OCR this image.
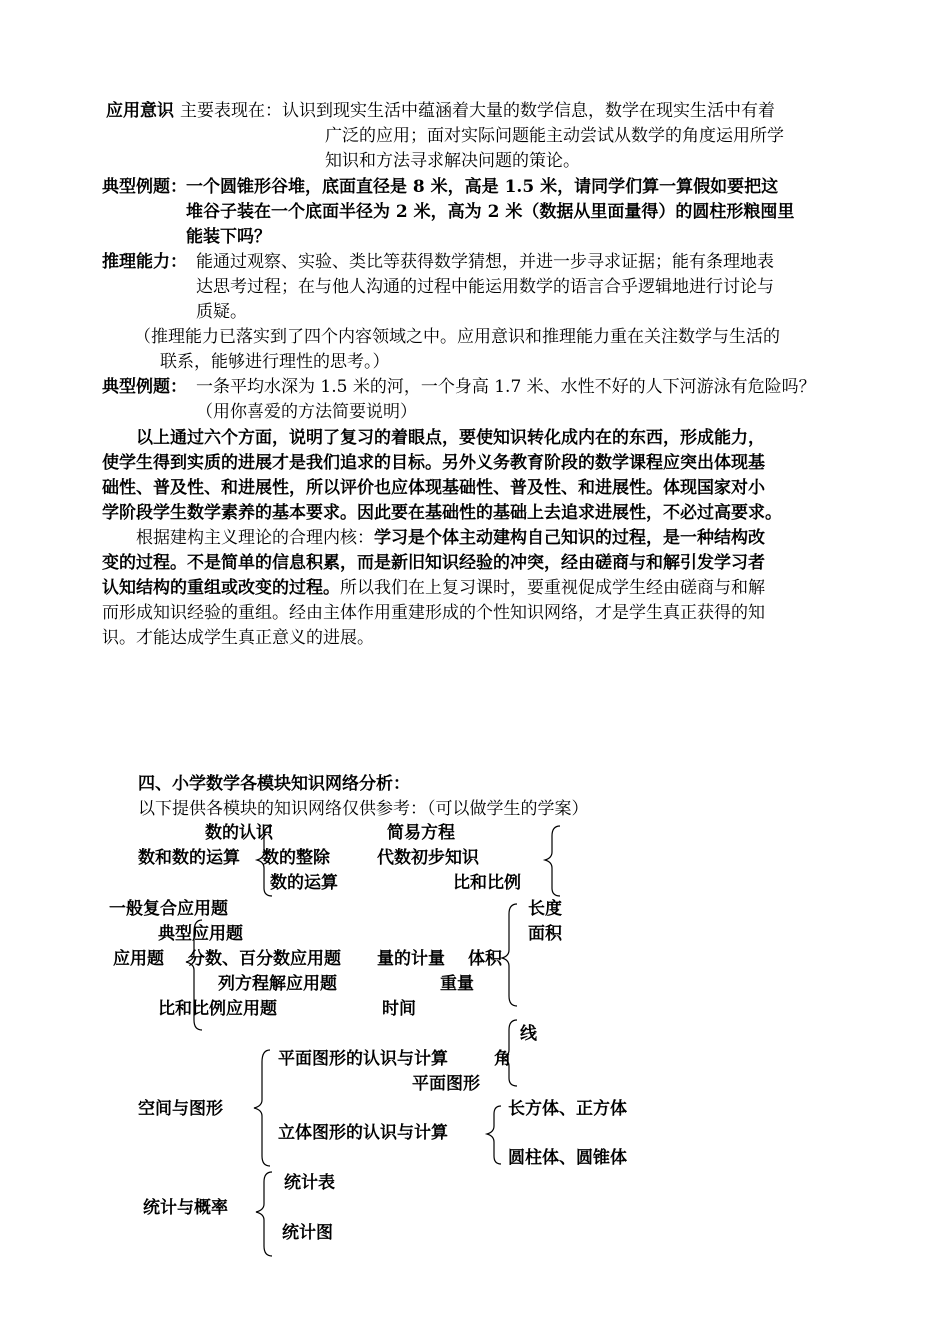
应用意识 主要表现在：认识到现实生活中蕴涵着大量的数学信息，数学在现实生活中有着
广泛的应用；面对实际问题能主动尝试从数学的角度运用所学
知识和方法寻求解决问题的策论。
典型例题： 一个圆锥形谷堆，底面直径是 8 米，高是 1.5 米，请同学们算一算假如要把这
堆谷子装在一个底面半径为 2 米，高为 2 米（数据从里面量得）的圆柱形粮囤里
能装下吗？
推理能力： 能通过观察、实验、类比等获得数学猜想，并进一步寻求证据；能有条理地表
达思考过程；在与他人沟通的过程中能运用数学的语言合乎逻辑地进行讨论与
质疑。
（推理能力已落实到了四个内容领域之中。应用意识和推理能力重在关注数学与生活的
联系，能够进行理性的思考。）
典型例题： 一条平均水深为 1.5 米的河，一个身高 1.7 米、水性不好的人下河游泳有危险吗？
（用你喜爱的方法简要说明）
以上通过六个方面，说明了复习的着眼点，要使知识转化成内在的东西，形成能力，
使学生得到实质的进展才是我们追求的目标。另外义务教育阶段的数学课程应突出体现基
础性、普及性、和进展性，所以评价也应体现基础性、普及性、和进展性。体现国家对小
学阶段学生数学素养的基本要求。因此要在基础性的基础上去追求进展性，不必过高要求。
根据建构主义理论的合理内核：学习是个体主动建构自己知识的过程，是一种结构改
变的过程。不是简单的信息积累，而是新旧知识经验的冲突，经由磋商与和解引发学习者
认知结构的重组或改变的过程。所以我们在上复习课时，要重视促成学生经由磋商与和解
而形成知识经验的重组。经由主体作用重建形成的个性知识网络，才是学生真正获得的知
识。才能达成学生真正意义的进展。
四、小学数学各模块知识网络分析：
以下提供各模块的知识网络仅供参考：（可以做学生的学案）
数的认识	简易方程
数和数的运算 数的整除	代数初步知识
数的运算	比和比例
一般复合应用题	长度
典型应用题	面积
应用题 分数、百分数应用题 量的计量 体积
列方程解应用题	重量
比和比例应用题	时间
线
平面图形的认识与计算	角
平面图形
空间与图形	长方体、正方体
立体图形的认识与计算
圆柱体、圆锥体
统计表
统计与概率
统计图
